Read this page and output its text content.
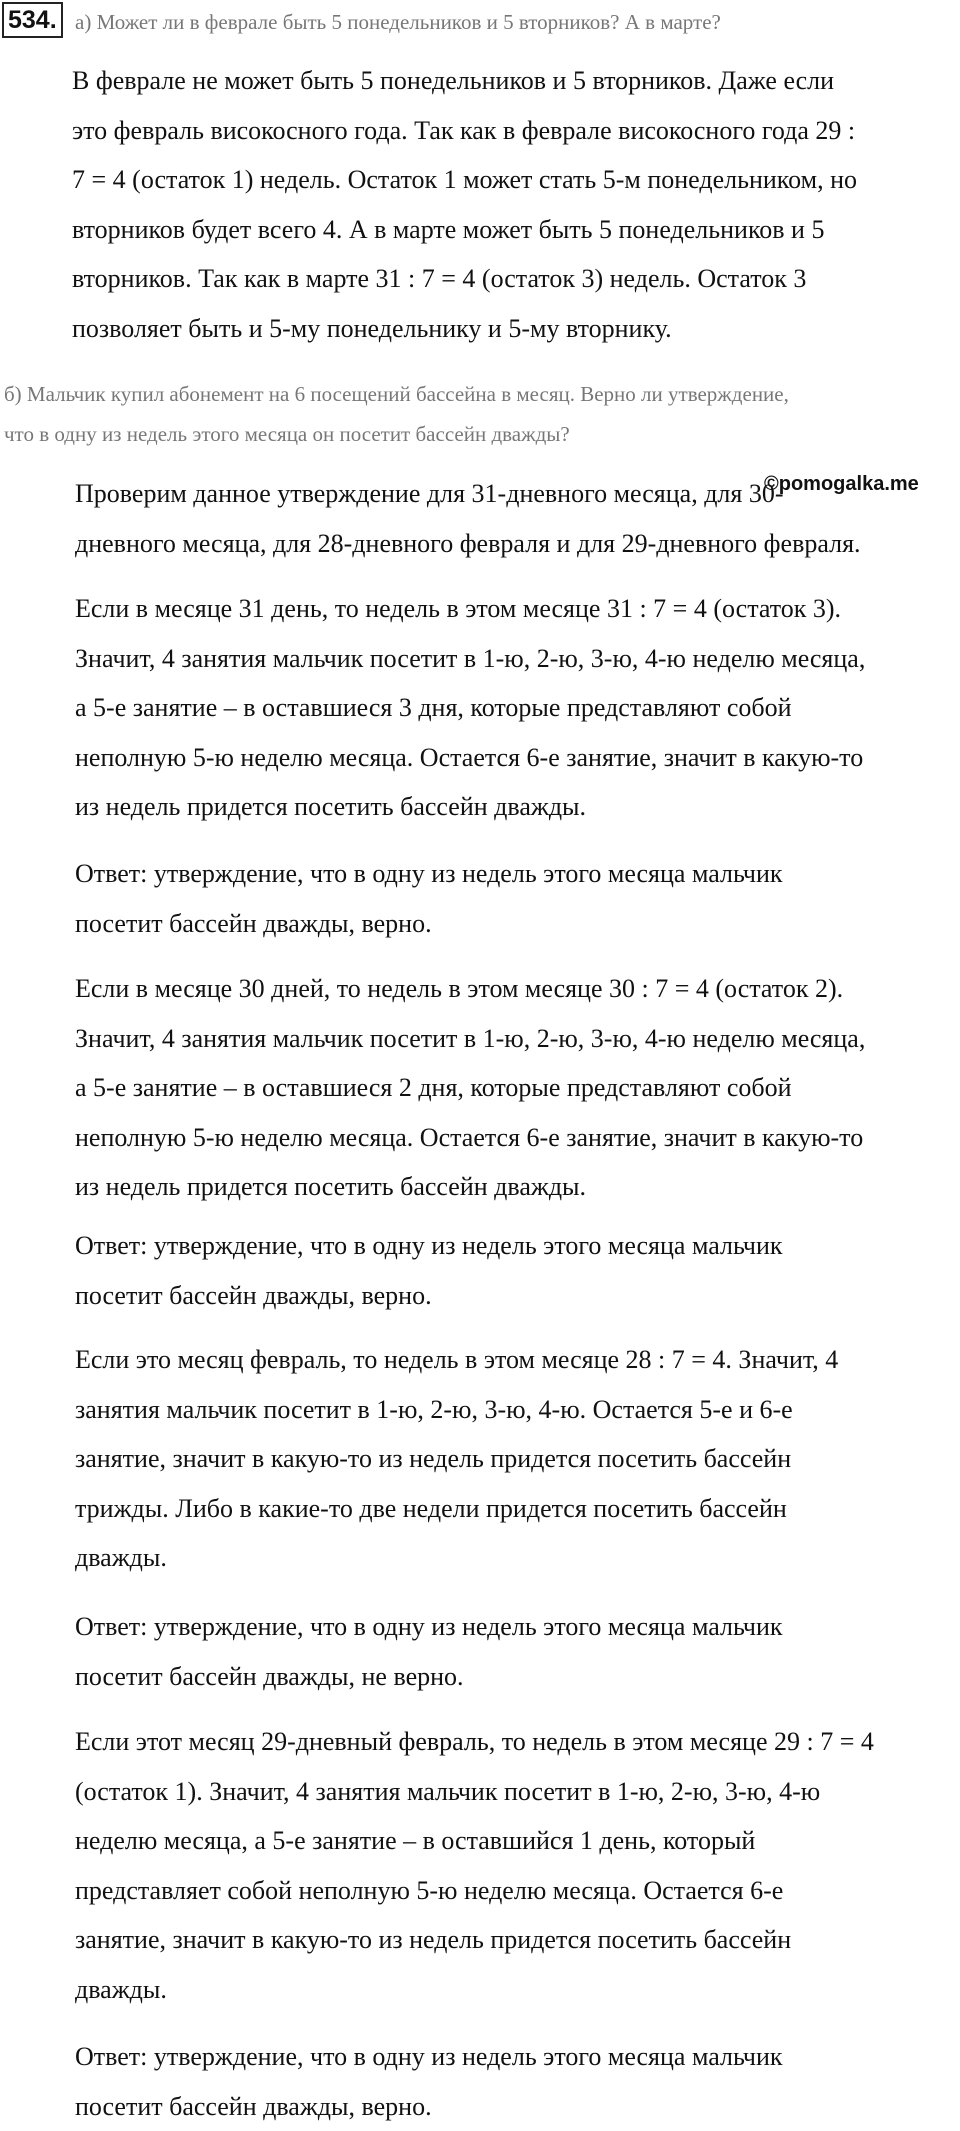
534. а) Может ли в феврале быть 5 понедельников и 5 вторников? А в марте?
В феврале не может быть 5 понедельников и 5 вторников. Даже если
это февраль високосного года. Так как в феврале високосного года 29 :
7 = 4 (остаток 1) недель. Остаток 1 может стать 5-м понедельником, но
вторников будет всего 4. А в марте может быть 5 понедельников и 5
вторников. Так как в марте 31 : 7 = 4 (остаток 3) недель. Остаток 3
позволяет быть и 5-му понедельнику и 5-му вторнику.
б) Мальчик купил абонемент на 6 посещений бассейна в месяц. Верно ли утверждение,
что в одну из недель этого месяца он посетит бассейн дважды?
Проверим данное утверждение для 31-дневного месяца, для 30-
дневного месяца, для 28-дневного февраля и для 29-дневного февраля.
©pomogalka.me
Если в месяце 31 день, то недель в этом месяце 31 : 7 = 4 (остаток 3).
Значит, 4 занятия мальчик посетит в 1-ю, 2-ю, 3-ю, 4-ю неделю месяца,
а 5-е занятие – в оставшиеся 3 дня, которые представляют собой
неполную 5-ю неделю месяца. Остается 6-е занятие, значит в какую-то
из недель придется посетить бассейн дважды.
Ответ: утверждение, что в одну из недель этого месяца мальчик
посетит бассейн дважды, верно.
Если в месяце 30 дней, то недель в этом месяце 30 : 7 = 4 (остаток 2).
Значит, 4 занятия мальчик посетит в 1-ю, 2-ю, 3-ю, 4-ю неделю месяца,
а 5-е занятие – в оставшиеся 2 дня, которые представляют собой
неполную 5-ю неделю месяца. Остается 6-е занятие, значит в какую-то
из недель придется посетить бассейн дважды.
Ответ: утверждение, что в одну из недель этого месяца мальчик
посетит бассейн дважды, верно.
Если это месяц февраль, то недель в этом месяце 28 : 7 = 4. Значит, 4
занятия мальчик посетит в 1-ю, 2-ю, 3-ю, 4-ю. Остается 5-е и 6-е
занятие, значит в какую-то из недель придется посетить бассейн
трижды. Либо в какие-то две недели придется посетить бассейн
дважды.
Ответ: утверждение, что в одну из недель этого месяца мальчик
посетит бассейн дважды, не верно.
Если этот месяц 29-дневный февраль, то недель в этом месяце 29 : 7 = 4
(остаток 1). Значит, 4 занятия мальчик посетит в 1-ю, 2-ю, 3-ю, 4-ю
неделю месяца, а 5-е занятие – в оставшийся 1 день, который
представляет собой неполную 5-ю неделю месяца. Остается 6-е
занятие, значит в какую-то из недель придется посетить бассейн
дважды.
Ответ: утверждение, что в одну из недель этого месяца мальчик
посетит бассейн дважды, верно.
